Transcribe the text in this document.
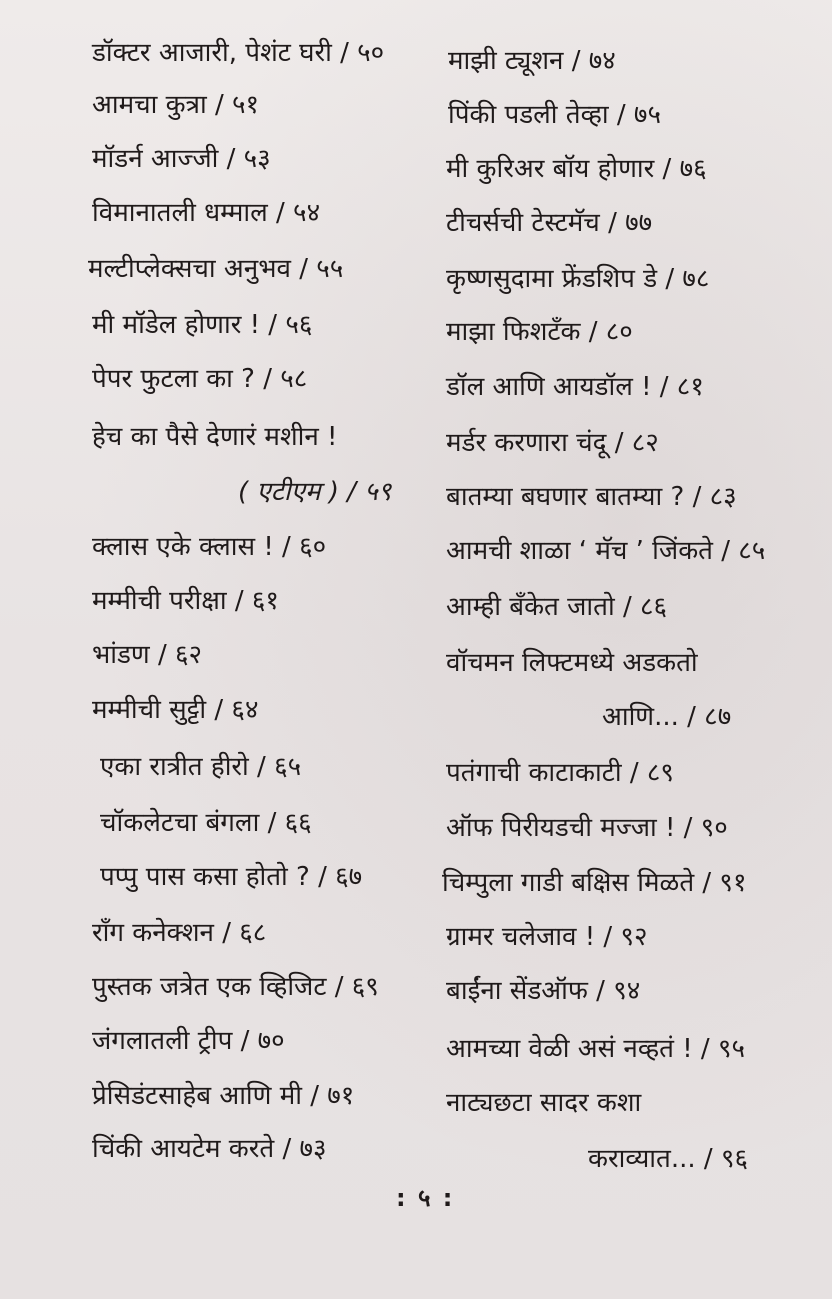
डॉक्टर आजारी, पेशंट घरी / ५०
आमचा कुत्रा / ५१
मॉडर्न आज्जी / ५३
विमानातली धम्माल / ५४
मल्टीप्लेक्सचा अनुभव / ५५
मी मॉडेल होणार ! / ५६
पेपर फुटला का ? / ५८
हेच का पैसे देणारं मशीन !
( एटीएम ) / ५९
क्लास एके क्लास ! / ६०
मम्मीची परीक्षा / ६१
भांडण / ६२
मम्मीची सुट्टी / ६४
एका रात्रीत हीरो / ६५
चॉकलेटचा बंगला / ६६
पप्पु पास कसा होतो ? / ६७
रॉंग कनेक्शन / ६८
पुस्तक जत्रेत एक व्हिजिट / ६९
जंगलातली ट्रीप / ७०
प्रेसिडंटसाहेब आणि मी / ७१
चिंकी आयटेम करते / ७३
माझी ट्यूशन / ७४
पिंकी पडली तेव्हा / ७५
मी कुरिअर बॉय होणार / ७६
टीचर्सची टेस्टमॅच / ७७
कृष्णसुदामा फ्रेंडशिप डे / ७८
माझा फिशटॅंक / ८०
डॉल आणि आयडॉल ! / ८१
मर्डर करणारा चंदू / ८२
बातम्या बघणार बातम्या ? / ८३
आमची शाळा ‘ मॅच ’ जिंकते / ८५
आम्ही बॅंकेत जातो / ८६
वॉचमन लिफ्टमध्ये अडकतो
आणि... / ८७
पतंगाची काटाकाटी / ८९
ऑफ पिरीयडची मज्जा ! / ९०
चिम्पुला गाडी बक्षिस मिळते / ९१
ग्रामर चलेजाव ! / ९२
बाईंना सेंडऑफ / ९४
आमच्या वेळी असं नव्हतं ! / ९५
नाट्यछटा सादर कशा
कराव्यात... / ९६
: ५ :
